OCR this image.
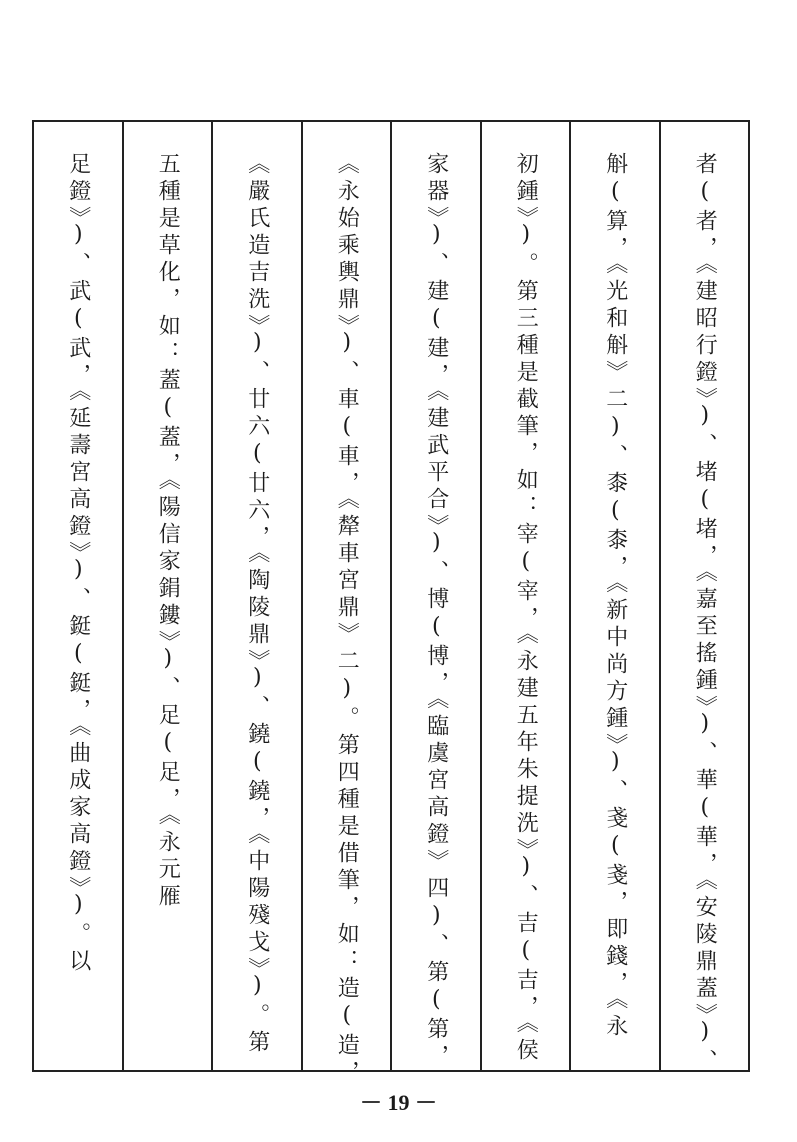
足鐙》)、武(武，《延壽宮高鐙》)、鋌(鋌，《曲成家高鐙》)。以	五種是草化，如：蓋(蓋，《陽信家鋗鏤》)、足(足，《永元雁	《嚴氏造吉洗》)、廿六(廿六，《陶陵鼎》)、鐃(鐃，《中陽殘戈》)。第	《永始乘輿鼎》)、車(車，《犛車宮鼎》二)。第四種是借筆，如：造(造，	家器》)、建(建，《建武平合》)、博(博，《臨虞宮高鐙》四)、第(第，	初鍾》)。第三種是截筆，如：宰(宰，《永建五年朱提洗》)、吉(吉，《侯	斛(算，《光和斛》二)、桼(桼，《新中尚方鍾》)、戔(戔，即錢，《永	者(者，《建昭行鐙》)、堵(堵，《嘉至搖鍾》)、華(華，《安陵鼎蓋》)、
－ 19 －
